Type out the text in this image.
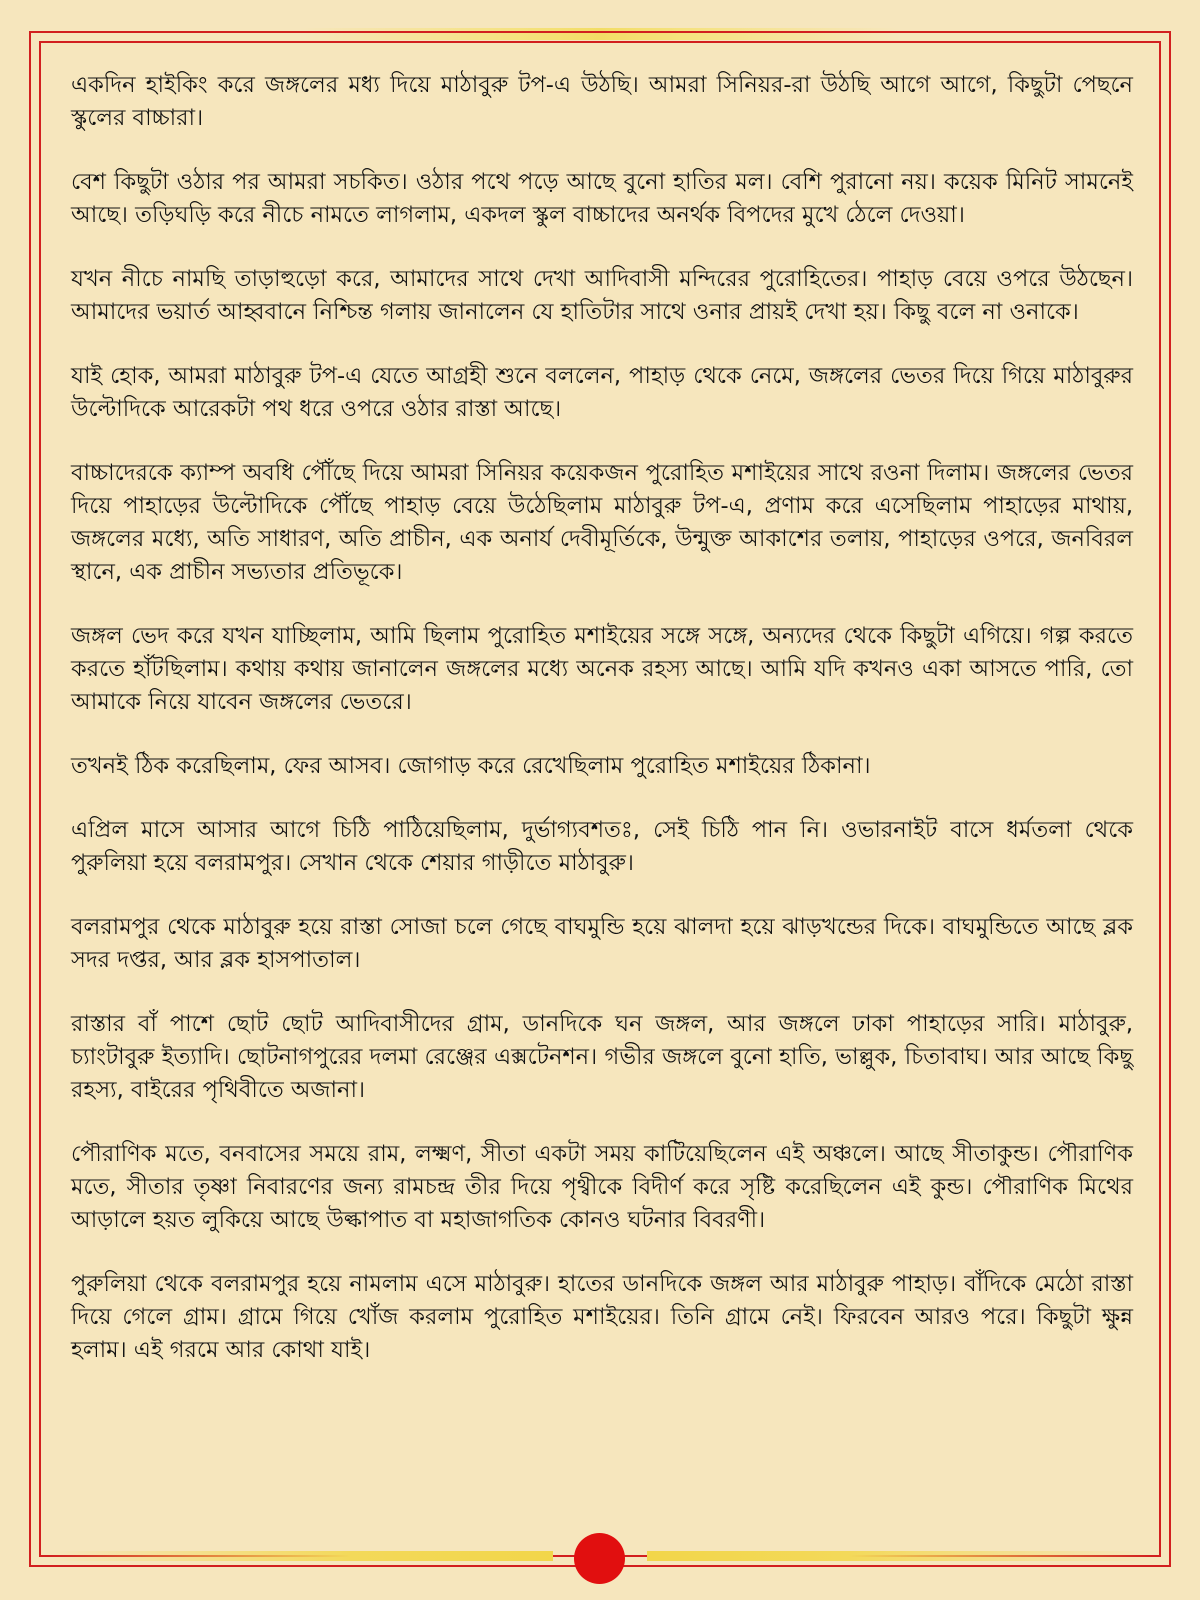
একদিন হাইকিং করে জঙ্গলের মধ্য দিয়ে মাঠাবুরু টপ-এ উঠছি। আমরা সিনিয়র-রা উঠছি আগে আগে, কিছুটা পেছনে স্কুলের বাচ্চারা।

বেশ কিছুটা ওঠার পর আমরা সচকিত। ওঠার পথে পড়ে আছে বুনো হাতির মল। বেশি পুরানো নয়। কয়েক মিনিট সামনেই আছে। তড়িঘড়ি করে নীচে নামতে লাগলাম, একদল স্কুল বাচ্চাদের অনর্থক বিপদের মুখে ঠেলে দেওয়া।

যখন নীচে নামছি তাড়াহুড়ো করে, আমাদের সাথে দেখা আদিবাসী মন্দিরের পুরোহিতের। পাহাড় বেয়ে ওপরে উঠছেন। আমাদের ভয়ার্ত আহ্ববানে নিশ্চিন্ত গলায় জানালেন যে হাতিটার সাথে ওনার প্রায়ই দেখা হয়। কিছু বলে না ওনাকে।

যাই হোক, আমরা মাঠাবুরু টপ-এ যেতে আগ্রহী শুনে বললেন, পাহাড় থেকে নেমে, জঙ্গলের ভেতর দিয়ে গিয়ে মাঠাবুরুর উল্টোদিকে আরেকটা পথ ধরে ওপরে ওঠার রাস্তা আছে।

বাচ্চাদেরকে ক্যাম্প অবধি পৌঁছে দিয়ে আমরা সিনিয়র কয়েকজন পুরোহিত মশাইয়ের সাথে রওনা দিলাম। জঙ্গলের ভেতর দিয়ে পাহাড়ের উল্টোদিকে পৌঁছে পাহাড় বেয়ে উঠেছিলাম মাঠাবুরু টপ-এ, প্রণাম করে এসেছিলাম পাহাড়ের মাথায়, জঙ্গলের মধ্যে, অতি সাধারণ, অতি প্রাচীন, এক অনার্য দেবীমূর্তিকে, উন্মুক্ত আকাশের তলায়, পাহাড়ের ওপরে, জনবিরল স্থানে, এক প্রাচীন সভ্যতার প্রতিভূকে।

জঙ্গল ভেদ করে যখন যাচ্ছিলাম, আমি ছিলাম পুরোহিত মশাইয়ের সঙ্গে সঙ্গে, অন্যদের থেকে কিছুটা এগিয়ে। গল্প করতে করতে হাঁটছিলাম। কথায় কথায় জানালেন জঙ্গলের মধ্যে অনেক রহস্য আছে। আমি যদি কখনও একা আসতে পারি, তো আমাকে নিয়ে যাবেন জঙ্গলের ভেতরে।

তখনই ঠিক করেছিলাম, ফের আসব। জোগাড় করে রেখেছিলাম পুরোহিত মশাইয়ের ঠিকানা।

এপ্রিল মাসে আসার আগে চিঠি পাঠিয়েছিলাম, দুর্ভাগ্যবশতঃ, সেই চিঠি পান নি। ওভারনাইট বাসে ধর্মতলা থেকে পুরুলিয়া হয়ে বলরামপুর। সেখান থেকে শেয়ার গাড়ীতে মাঠাবুরু।

বলরামপুর থেকে মাঠাবুরু হয়ে রাস্তা সোজা চলে গেছে বাঘমুন্ডি হয়ে ঝালদা হয়ে ঝাড়খন্ডের দিকে। বাঘমুন্ডিতে আছে ব্লক সদর দপ্তর, আর ব্লক হাসপাতাল।

রাস্তার বাঁ পাশে ছোট ছোট আদিবাসীদের গ্রাম, ডানদিকে ঘন জঙ্গল, আর জঙ্গলে ঢাকা পাহাড়ের সারি। মাঠাবুরু, চ্যাংটাবুরু ইত্যাদি। ছোটনাগপুরের দলমা রেঞ্জের এক্সটেনশন। গভীর জঙ্গলে বুনো হাতি, ভাল্লুক, চিতাবাঘ। আর আছে কিছু রহস্য, বাইরের পৃথিবীতে অজানা।

পৌরাণিক মতে, বনবাসের সময়ে রাম, লক্ষ্মণ, সীতা একটা সময় কাটিয়েছিলেন এই অঞ্চলে। আছে সীতাকুন্ড। পৌরাণিক মতে, সীতার তৃষ্ণা নিবারণের জন্য রামচন্দ্র তীর দিয়ে পৃথ্বীকে বিদীর্ণ করে সৃষ্টি করেছিলেন এই কুন্ড। পৌরাণিক মিথের আড়ালে হয়ত লুকিয়ে আছে উল্কাপাত বা মহাজাগতিক কোনও ঘটনার বিবরণী।

পুরুলিয়া থেকে বলরামপুর হয়ে নামলাম এসে মাঠাবুরু। হাতের ডানদিকে জঙ্গল আর মাঠাবুরু পাহাড়। বাঁদিকে মেঠো রাস্তা দিয়ে গেলে গ্রাম। গ্রামে গিয়ে খোঁজ করলাম পুরোহিত মশাইয়ের। তিনি গ্রামে নেই। ফিরবেন আরও পরে। কিছুটা ক্ষুন্ন হলাম। এই গরমে আর কোথা যাই।
